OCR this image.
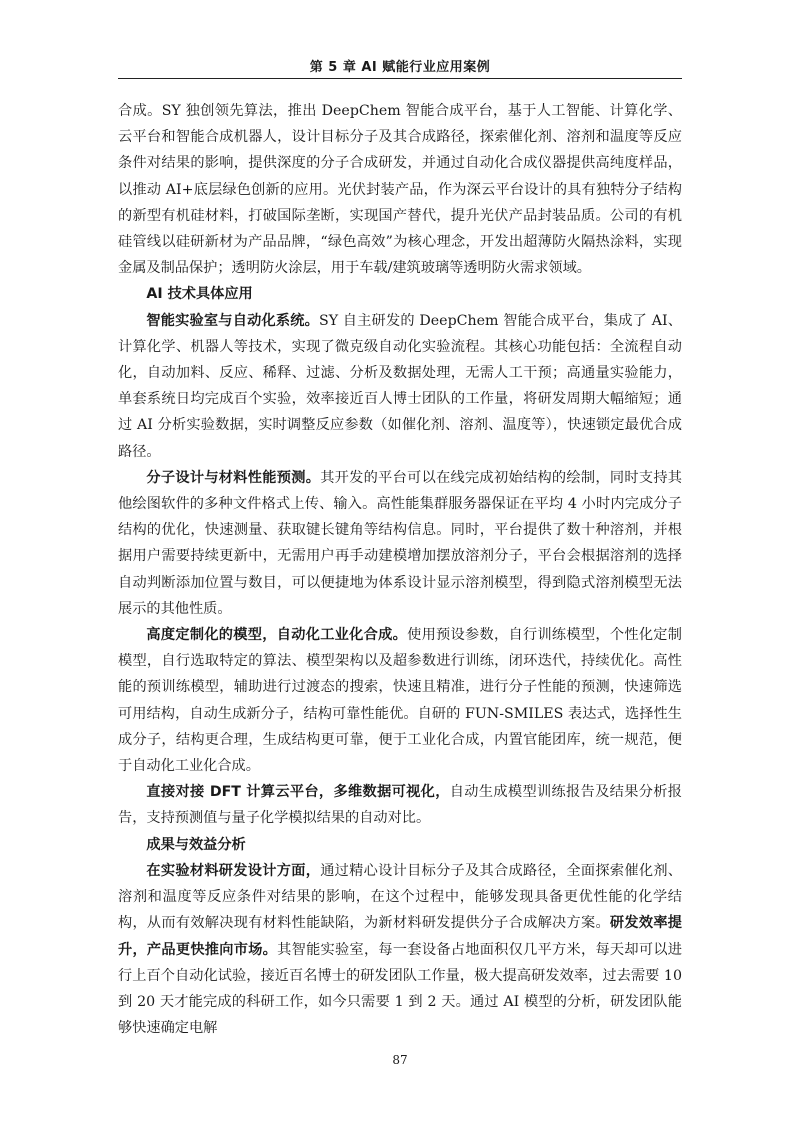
第 5 章 AI 赋能行业应用案例

合成。SY 独创领先算法，推出 DeepChem 智能合成平台，基于人工智能、计算化学、云平台和智能合成机器人，设计目标分子及其合成路径，探索催化剂、溶剂和温度等反应条件对结果的影响，提供深度的分子合成研发，并通过自动化合成仪器提供高纯度样品，以推动 AI+底层绿色创新的应用。光伏封装产品，作为深云平台设计的具有独特分子结构的新型有机硅材料，打破国际垄断，实现国产替代，提升光伏产品封装品质。公司的有机硅管线以硅研新材为产品品牌，“绿色高效”为核心理念，开发出超薄防火隔热涂料，实现金属及制品保护；透明防火涂层，用于车载/建筑玻璃等透明防火需求领域。

AI 技术具体应用

智能实验室与自动化系统。SY 自主研发的 DeepChem 智能合成平台，集成了 AI、计算化学、机器人等技术，实现了微克级自动化实验流程。其核心功能包括：全流程自动化，自动加料、反应、稀释、过滤、分析及数据处理，无需人工干预；高通量实验能力，单套系统日均完成百个实验，效率接近百人博士团队的工作量，将研发周期大幅缩短；通过 AI 分析实验数据，实时调整反应参数（如催化剂、溶剂、温度等），快速锁定最优合成路径。

分子设计与材料性能预测。其开发的平台可以在线完成初始结构的绘制，同时支持其他绘图软件的多种文件格式上传、输入。高性能集群服务器保证在平均 4 小时内完成分子结构的优化，快速测量、获取键长键角等结构信息。同时，平台提供了数十种溶剂，并根据用户需要持续更新中，无需用户再手动建模增加摆放溶剂分子，平台会根据溶剂的选择自动判断添加位置与数目，可以便捷地为体系设计显示溶剂模型，得到隐式溶剂模型无法展示的其他性质。

高度定制化的模型，自动化工业化合成。使用预设参数，自行训练模型，个性化定制模型，自行选取特定的算法、模型架构以及超参数进行训练，闭环迭代，持续优化。高性能的预训练模型，辅助进行过渡态的搜索，快速且精准，进行分子性能的预测，快速筛选可用结构，自动生成新分子，结构可靠性能优。自研的 FUN-SMILES 表达式，选择性生成分子，结构更合理，生成结构更可靠，便于工业化合成，内置官能团库，统一规范，便于自动化工业化合成。

直接对接 DFT 计算云平台，多维数据可视化，自动生成模型训练报告及结果分析报告，支持预测值与量子化学模拟结果的自动对比。

成果与效益分析

在实验材料研发设计方面，通过精心设计目标分子及其合成路径，全面探索催化剂、溶剂和温度等反应条件对结果的影响，在这个过程中，能够发现具备更优性能的化学结构，从而有效解决现有材料性能缺陷，为新材料研发提供分子合成解决方案。研发效率提升，产品更快推向市场。其智能实验室，每一套设备占地面积仅几平方米，每天却可以进行上百个自动化试验，接近百名博士的研发团队工作量，极大提高研发效率，过去需要 10 到 20 天才能完成的科研工作，如今只需要 1 到 2 天。通过 AI 模型的分析，研发团队能够快速确定电解

87
